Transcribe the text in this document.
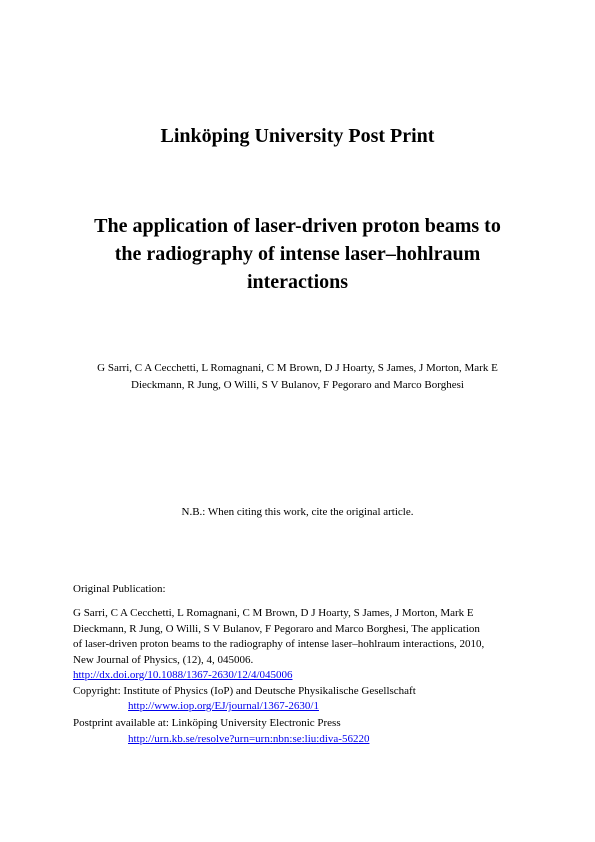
Linköping University Post Print
The application of laser-driven proton beams to
the radiography of intense laser–hohlraum
interactions
G Sarri, C A Cecchetti, L Romagnani, C M Brown, D J Hoarty, S James, J Morton, Mark E
Dieckmann, R Jung, O Willi, S V Bulanov, F Pegoraro and Marco Borghesi
N.B.: When citing this work, cite the original article.
Original Publication:
G Sarri, C A Cecchetti, L Romagnani, C M Brown, D J Hoarty, S James, J Morton, Mark E
Dieckmann, R Jung, O Willi, S V Bulanov, F Pegoraro and Marco Borghesi, The application
of laser-driven proton beams to the radiography of intense laser–hohlraum interactions, 2010,
New Journal of Physics, (12), 4, 045006.
http://dx.doi.org/10.1088/1367-2630/12/4/045006
Copyright: Institute of Physics (IoP) and Deutsche Physikalische Gesellschaft
http://www.iop.org/EJ/journal/1367-2630/1
Postprint available at: Linköping University Electronic Press
http://urn.kb.se/resolve?urn=urn:nbn:se:liu:diva-56220
